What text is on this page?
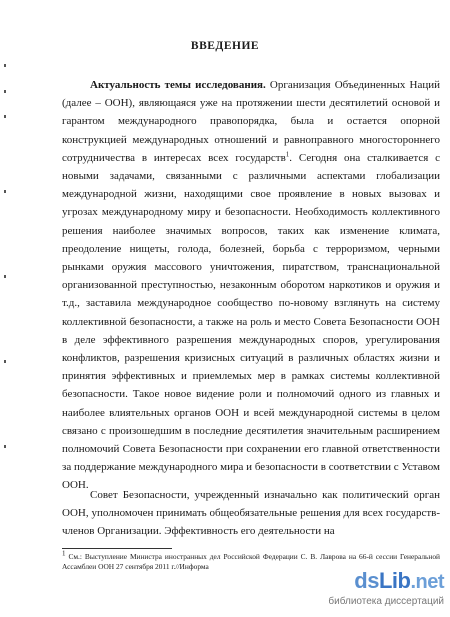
ВВЕДЕНИЕ

Актуальность темы исследования. Организация Объединенных Наций (далее – ООН), являющаяся уже на протяжении шести десятилетий основой и гарантом международного правопорядка, была и остается опорной конструкцией международных отношений и равноправного многостороннего сотрудничества в интересах всех государств$^1$. Сегодня она сталкивается с новыми задачами, связанными с различными аспектами глобализации международной жизни, находящими свое проявление в новых вызовах и угрозах международному миру и безопасности. Необходимость коллективного решения наиболее значимых вопросов, таких как изменение климата, преодоление нищеты, голода, болезней, борьба с терроризмом, черными рынками оружия массового уничтожения, пиратством, транснациональной организованной преступностью, незаконным оборотом наркотиков и оружия и т.д., заставила международное сообщество по-новому взглянуть на систему коллективной безопасности, а также на роль и место Совета Безопасности ООН в деле эффективного разрешения международных споров, урегулирования конфликтов, разрешения кризисных ситуаций в различных областях жизни и принятия эффективных и приемлемых мер в рамках системы коллективной безопасности. Такое новое видение роли и полномочий одного из главных и наиболее влиятельных органов ООН и всей международной системы в целом связано с произошедшим в последние десятилетия значительным расширением полномочий Совета Безопасности при сохранении его главной ответственности за поддержание международного мира и безопасности в соответствии с Уставом ООН.

Совет Безопасности, учрежденный изначально как политический орган ООН, уполномочен принимать общеобязательные решения для всех государств-членов Организации. Эффективность его деятельности на

$^1$ См.: Выступление Министра иностранных дел Российской Федерации С. В. Лаврова на 66-й сессии Генеральной Ассамблеи ООН 27 сентября 2011 г.//Информа

dsLib.net
библиотека диссертаций
